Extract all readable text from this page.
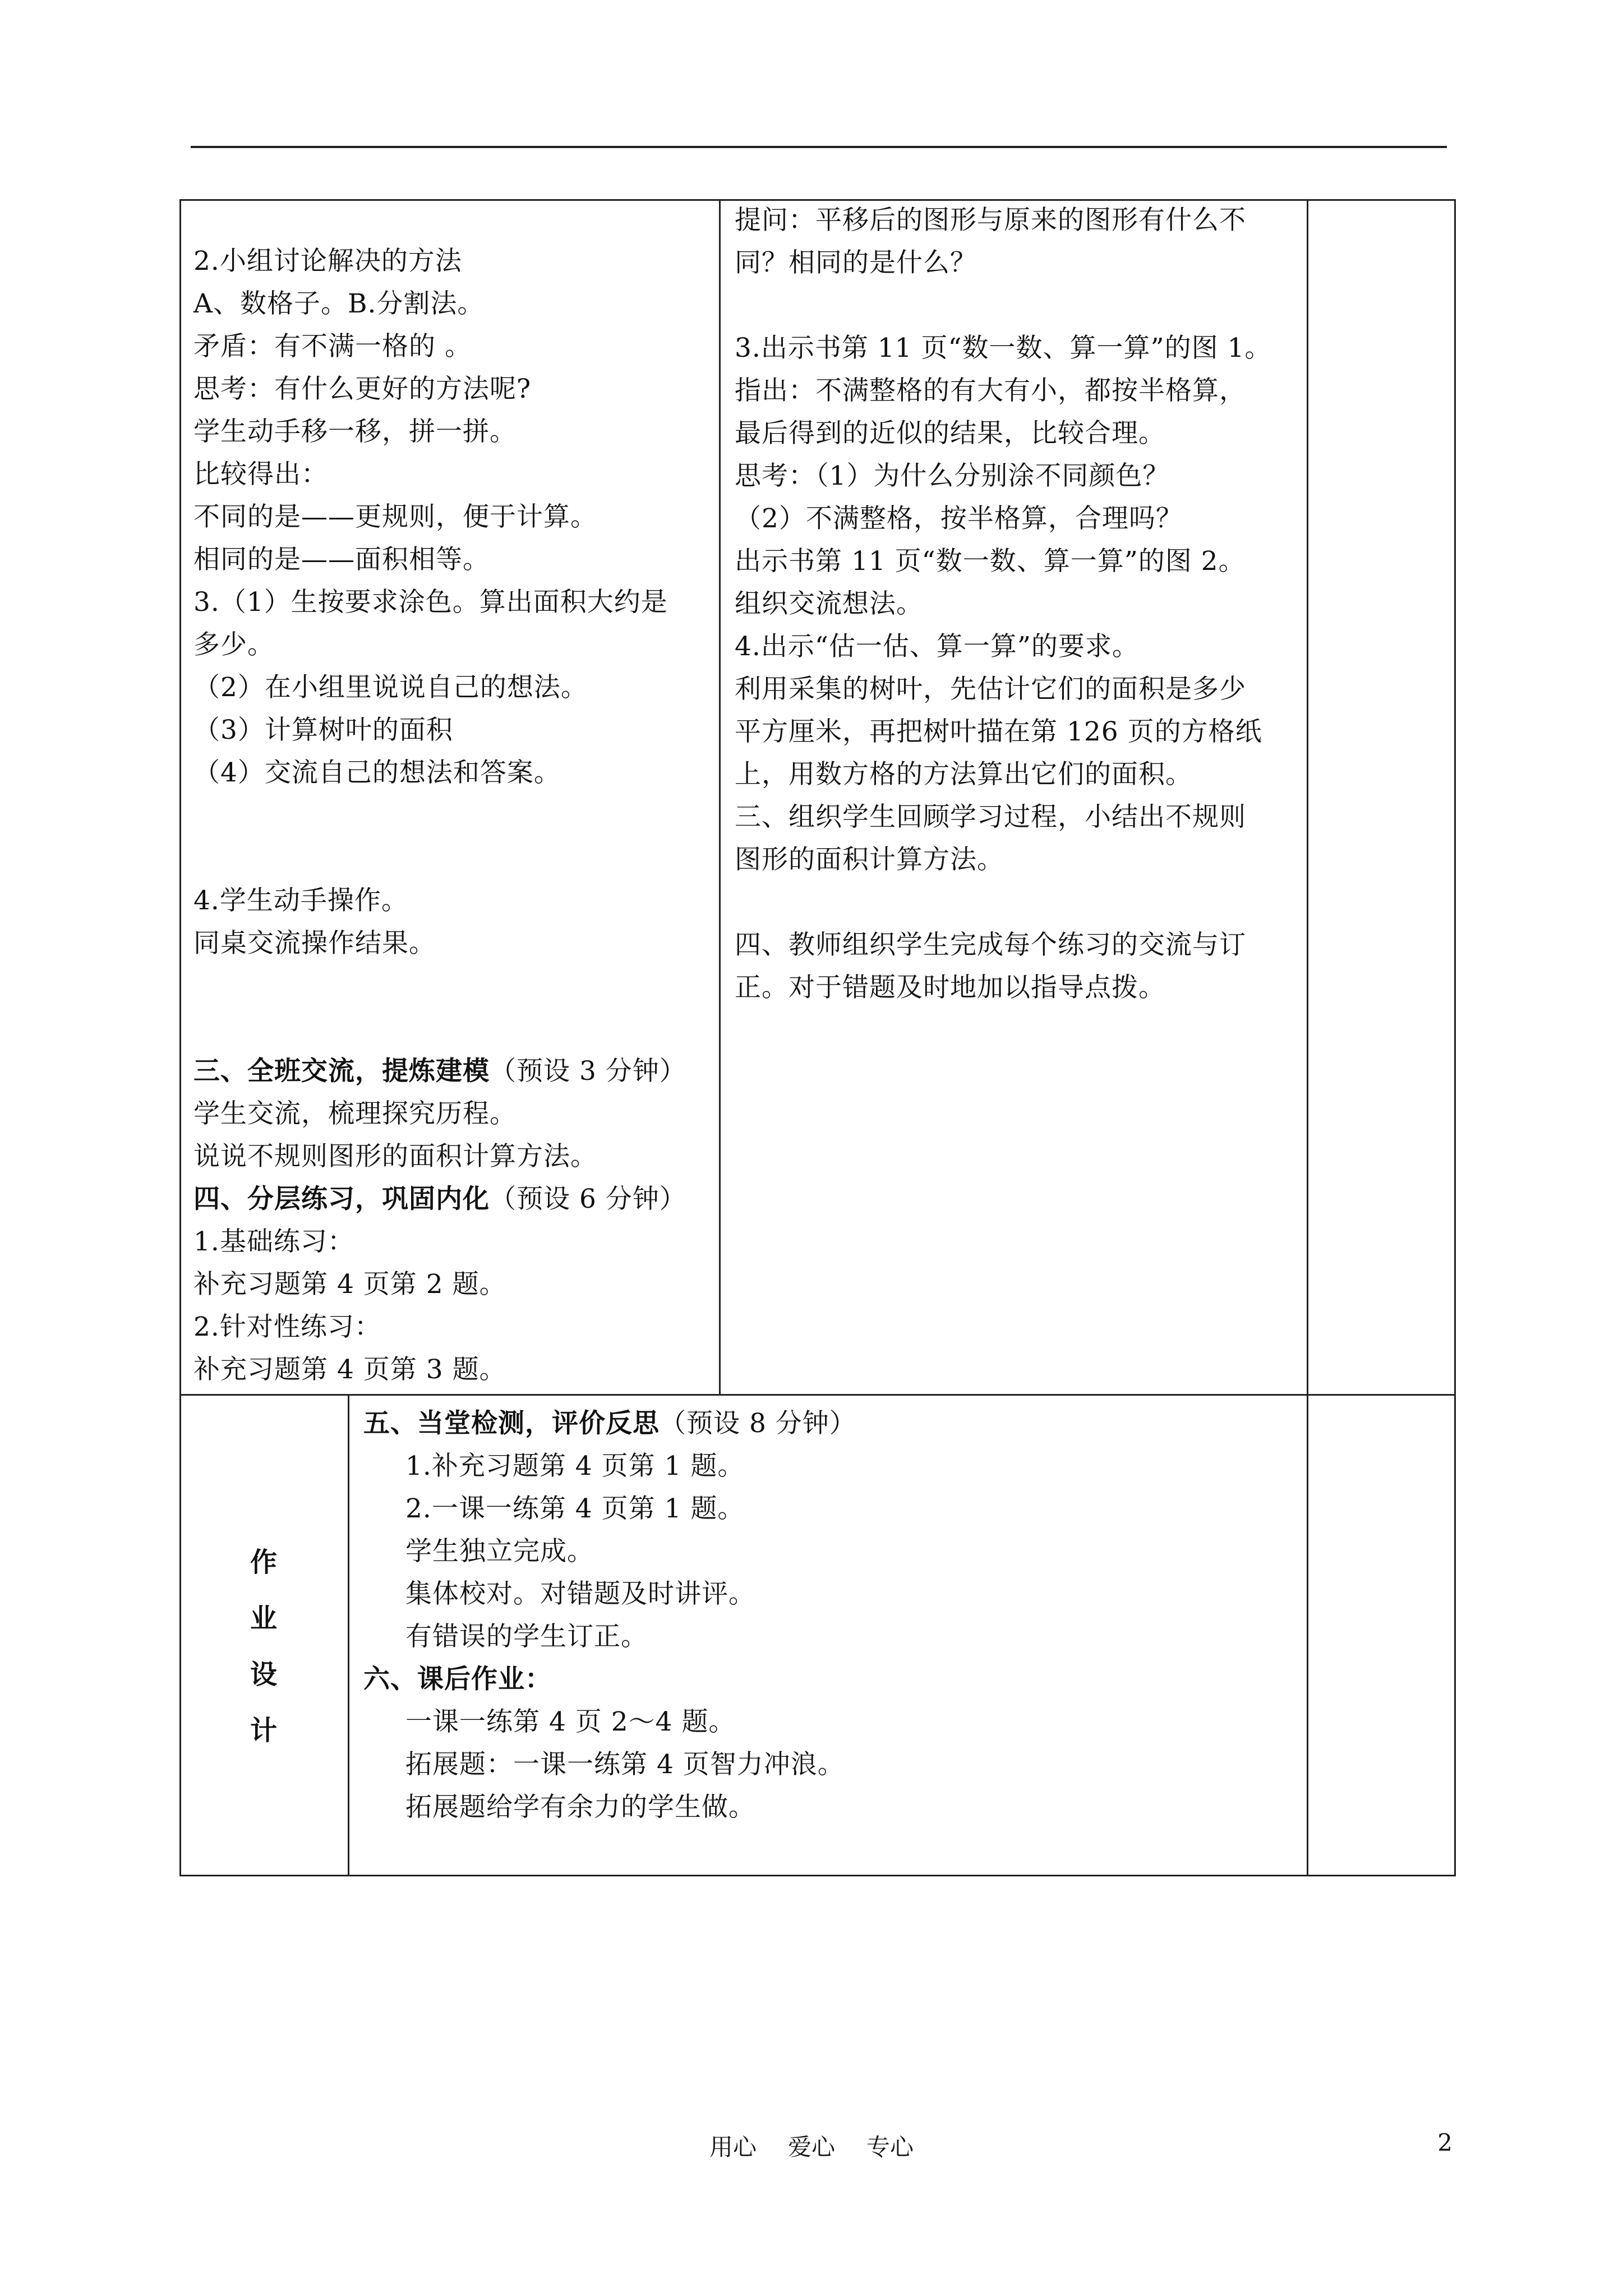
2.小组讨论解决的方法
A、数格子。B.分割法。
矛盾：有不满一格的 。
思考：有什么更好的方法呢?
学生动手移一移，拼一拼。
比较得出：
不同的是——更规则，便于计算。
相同的是——面积相等。
3.（1）生按要求涂色。算出面积大约是
多少。
（2）在小组里说说自己的想法。
（3）计算树叶的面积
（4）交流自己的想法和答案。
4.学生动手操作。
同桌交流操作结果。
三、全班交流，提炼建模（预设 3 分钟）
学生交流，梳理探究历程。
说说不规则图形的面积计算方法。
四、分层练习，巩固内化（预设 6 分钟）
1.基础练习：
补充习题第 4 页第 2 题。
2.针对性练习：
补充习题第 4 页第 3 题。
提问：平移后的图形与原来的图形有什么不
同？相同的是什么？
3.出示书第 11 页“数一数、算一算”的图 1。
指出：不满整格的有大有小，都按半格算，
最后得到的近似的结果，比较合理。
思考：（1）为什么分别涂不同颜色？
（2）不满整格，按半格算，合理吗？
出示书第 11 页“数一数、算一算”的图 2。
组织交流想法。
4.出示“估一估、算一算”的要求。
利用采集的树叶，先估计它们的面积是多少
平方厘米，再把树叶描在第 126 页的方格纸
上，用数方格的方法算出它们的面积。
三、组织学生回顾学习过程，小结出不规则
图形的面积计算方法。
四、教师组织学生完成每个练习的交流与订
正。对于错题及时地加以指导点拨。
作
业
设
计
五、当堂检测，评价反思（预设 8 分钟）
1.补充习题第 4 页第 1 题。
2.一课一练第 4 页第 1 题。
学生独立完成。
集体校对。对错题及时讲评。
有错误的学生订正。
六、课后作业：
一课一练第 4 页 2～4 题。
拓展题：一课一练第 4 页智力冲浪。
拓展题给学有余力的学生做。
用心 爱心 专心	2
